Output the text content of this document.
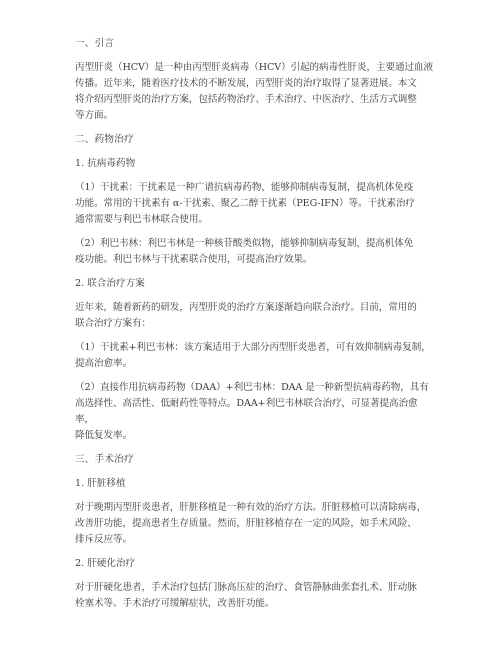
一、引言
丙型肝炎（HCV）是一种由丙型肝炎病毒（HCV）引起的病毒性肝炎，主要通过血液
传播。近年来，随着医疗技术的不断发展，丙型肝炎的治疗取得了显著进展。本文
将介绍丙型肝炎的治疗方案，包括药物治疗、手术治疗、中医治疗、生活方式调整
等方面。
二、药物治疗
1. 抗病毒药物
（1）干扰素：干扰素是一种广谱抗病毒药物，能够抑制病毒复制，提高机体免疫
功能。常用的干扰素有 α-干扰素、聚乙二醇干扰素（PEG-IFN）等。干扰素治疗
通常需要与利巴韦林联合使用。
（2）利巴韦林：利巴韦林是一种核苷酸类似物，能够抑制病毒复制，提高机体免
疫功能。利巴韦林与干扰素联合使用，可提高治疗效果。
2. 联合治疗方案
近年来，随着新药的研发，丙型肝炎的治疗方案逐渐趋向联合治疗。目前，常用的
联合治疗方案有：
（1）干扰素+利巴韦林：该方案适用于大部分丙型肝炎患者，可有效抑制病毒复制，
提高治愈率。
（2）直接作用抗病毒药物（DAA）+利巴韦林：DAA 是一种新型抗病毒药物，具有
高选择性、高活性、低耐药性等特点。DAA+利巴韦林联合治疗，可显著提高治愈率，
降低复发率。
三、手术治疗
1. 肝脏移植
对于晚期丙型肝炎患者，肝脏移植是一种有效的治疗方法。肝脏移植可以清除病毒，
改善肝功能，提高患者生存质量。然而，肝脏移植存在一定的风险，如手术风险、
排斥反应等。
2. 肝硬化治疗
对于肝硬化患者，手术治疗包括门脉高压症的治疗、食管静脉曲张套扎术、肝动脉
栓塞术等。手术治疗可缓解症状，改善肝功能。
